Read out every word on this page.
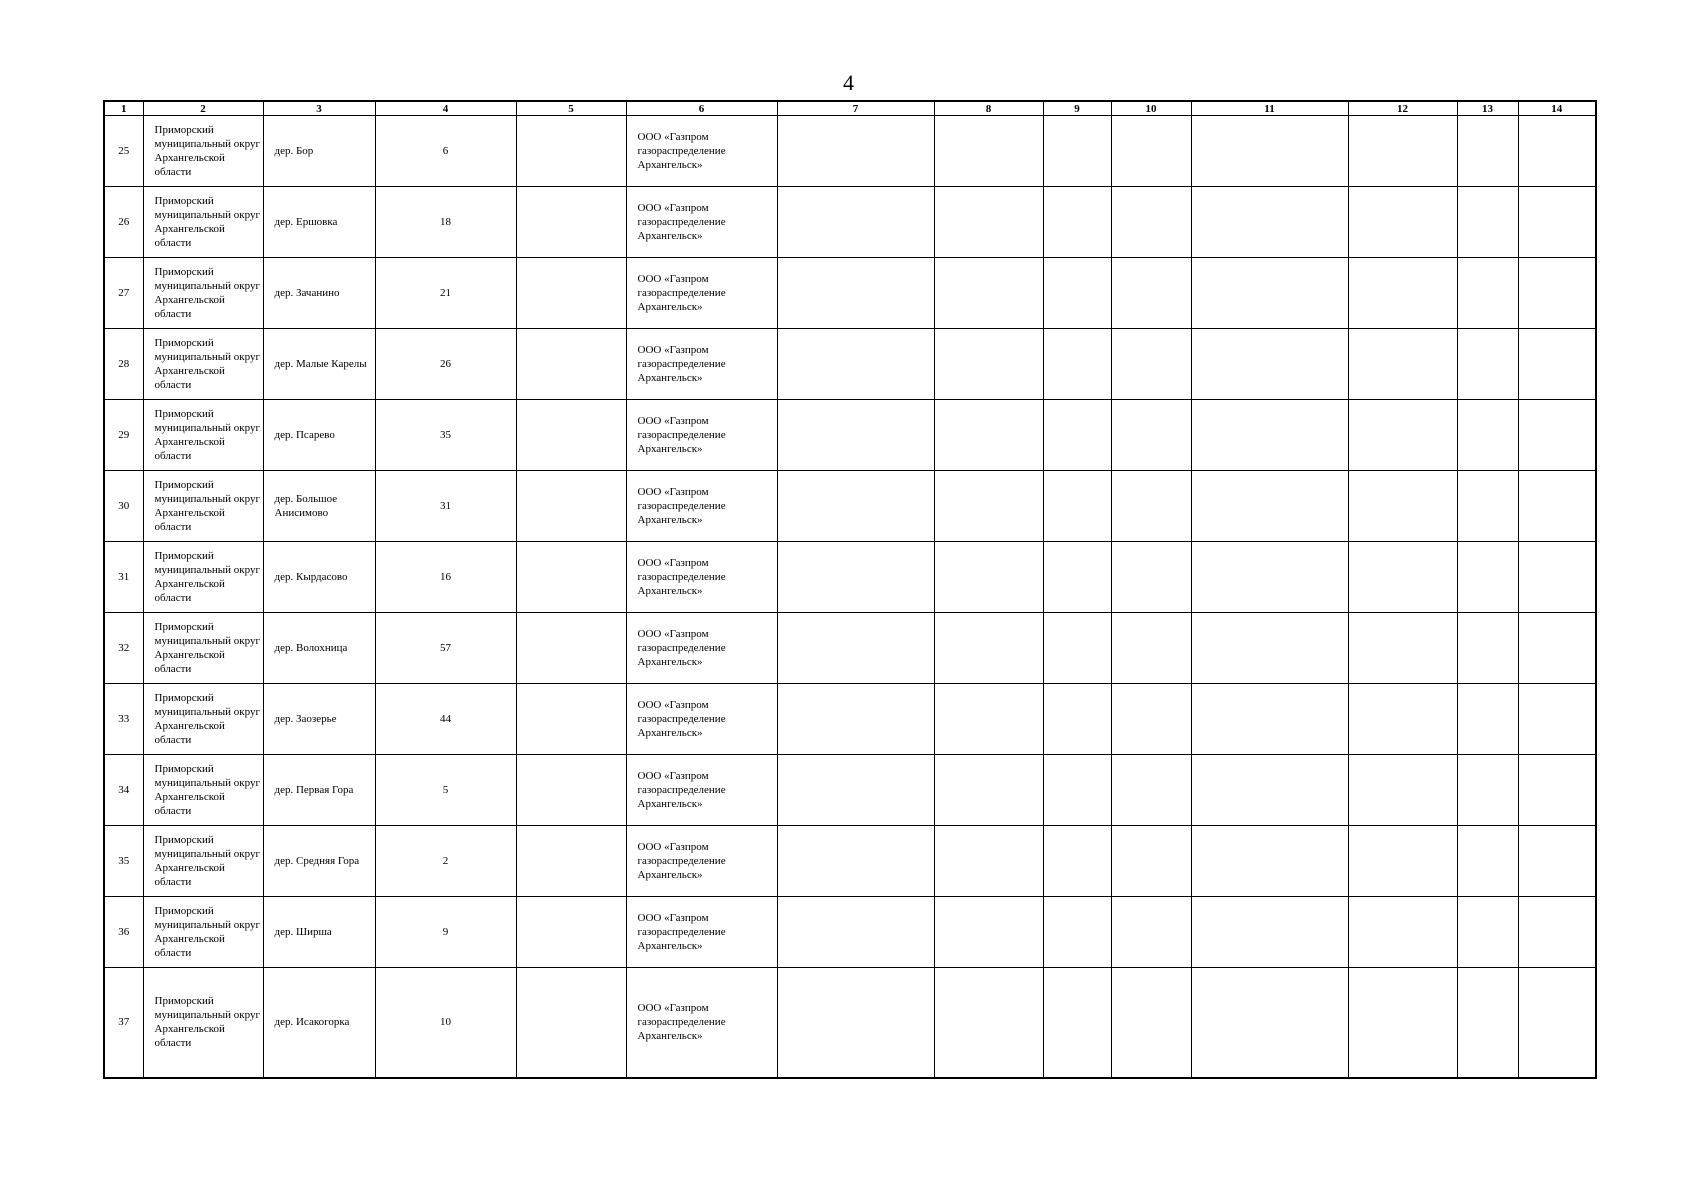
4
1	2	3	4	5	6	7	8	9	10	11	12	13	14
25	Приморский муниципальный округ Архангельской области	дер. Бор	6		ООО «Газпром газораспределение Архангельск»								
26	Приморский муниципальный округ Архангельской области	дер. Ершовка	18		ООО «Газпром газораспределение Архангельск»								
27	Приморский муниципальный округ Архангельской области	дер. Зачанино	21		ООО «Газпром газораспределение Архангельск»								
28	Приморский муниципальный округ Архангельской области	дер. Малые Карелы	26		ООО «Газпром газораспределение Архангельск»								
29	Приморский муниципальный округ Архангельской области	дер. Псарево	35		ООО «Газпром газораспределение Архангельск»								
30	Приморский муниципальный округ Архангельской области	дер. Большое Анисимово	31		ООО «Газпром газораспределение Архангельск»								
31	Приморский муниципальный округ Архангельской области	дер. Кырдасово	16		ООО «Газпром газораспределение Архангельск»								
32	Приморский муниципальный округ Архангельской области	дер. Волохница	57		ООО «Газпром газораспределение Архангельск»								
33	Приморский муниципальный округ Архангельской области	дер. Заозерье	44		ООО «Газпром газораспределение Архангельск»								
34	Приморский муниципальный округ Архангельской области	дер. Первая Гора	5		ООО «Газпром газораспределение Архангельск»								
35	Приморский муниципальный округ Архангельской области	дер. Средняя Гора	2		ООО «Газпром газораспределение Архангельск»								
36	Приморский муниципальный округ Архангельской области	дер. Ширша	9		ООО «Газпром газораспределение Архангельск»								
37	Приморский муниципальный округ Архангельской области	дер. Исакогорка	10		ООО «Газпром газораспределение Архангельск»								
